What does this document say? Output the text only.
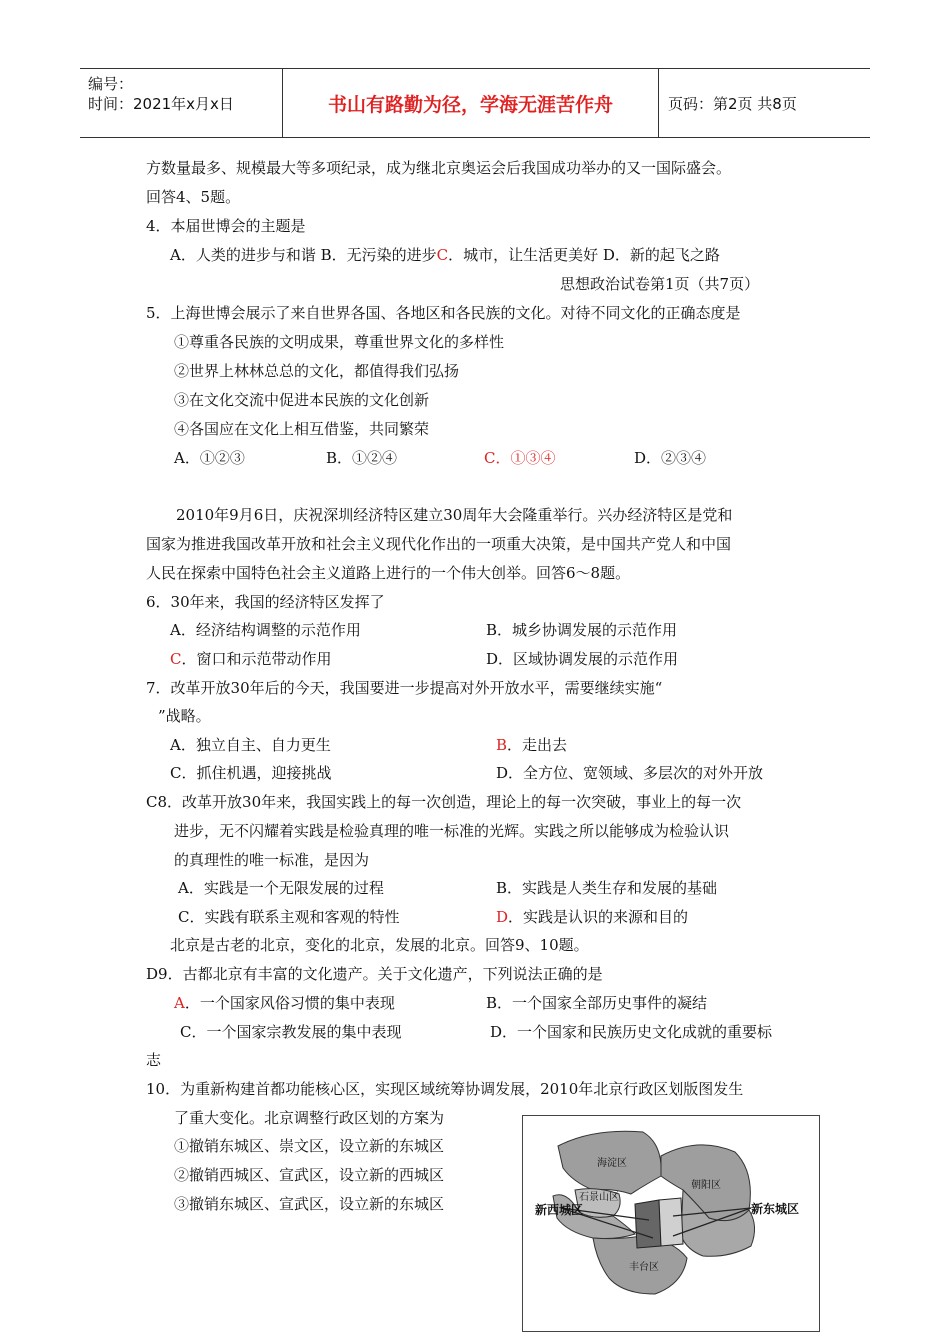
编号：
时间：2021年x月x日	书山有路勤为径，学海无涯苦作舟	页码：第2页 共8页
方数量最多、规模最大等多项纪录，成为继北京奥运会后我国成功举办的又一国际盛会。
回答4、5题。
4．本届世博会的主题是
A．人类的进步与和谐 B．无污染的进步C．城市，让生活更美好 D．新的起飞之路
思想政治试卷第1页（共7页）
5．上海世博会展示了来自世界各国、各地区和各民族的文化。对待不同文化的正确态度是
①尊重各民族的文明成果，尊重世界文化的多样性
②世界上林林总总的文化，都值得我们弘扬
③在文化交流中促进本民族的文化创新
④各国应在文化上相互借鉴，共同繁荣
A．①②③	B．①②④	C．①③④	D．②③④
2010年9月6日，庆祝深圳经济特区建立30周年大会隆重举行。兴办经济特区是党和
国家为推进我国改革开放和社会主义现代化作出的一项重大决策，是中国共产党人和中国
人民在探索中国特色社会主义道路上进行的一个伟大创举。回答6～8题。
6．30年来，我国的经济特区发挥了
A．经济结构调整的示范作用	B．城乡协调发展的示范作用
C．窗口和示范带动作用	D．区域协调发展的示范作用
7．改革开放30年后的今天，我国要进一步提高对外开放水平，需要继续实施“
”战略。
A．独立自主、自力更生	B．走出去
C．抓住机遇，迎接挑战	D．全方位、宽领域、多层次的对外开放
C8．改革开放30年来，我国实践上的每一次创造，理论上的每一次突破，事业上的每一次
进步，无不闪耀着实践是检验真理的唯一标准的光辉。实践之所以能够成为检验认识
的真理性的唯一标准，是因为
A．实践是一个无限发展的过程	B．实践是人类生存和发展的基础
C．实践有联系主观和客观的特性	D．实践是认识的来源和目的
北京是古老的北京，变化的北京，发展的北京。回答9、10题。
D9．古都北京有丰富的文化遗产。关于文化遗产，下列说法正确的是
A．一个国家风俗习惯的集中表现	B．一个国家全部历史事件的凝结
C．一个国家宗教发展的集中表现	D．一个国家和民族历史文化成就的重要标
志
10．为重新构建首都功能核心区，实现区域统筹协调发展，2010年北京行政区划版图发生
了重大变化。北京调整行政区划的方案为
①撤销东城区、崇文区，设立新的东城区
②撤销西城区、宣武区，设立新的西城区
③撤销东城区、宣武区，设立新的东城区
海淀区
朝阳区
石景山区
新西城区	新东城区
丰台区
